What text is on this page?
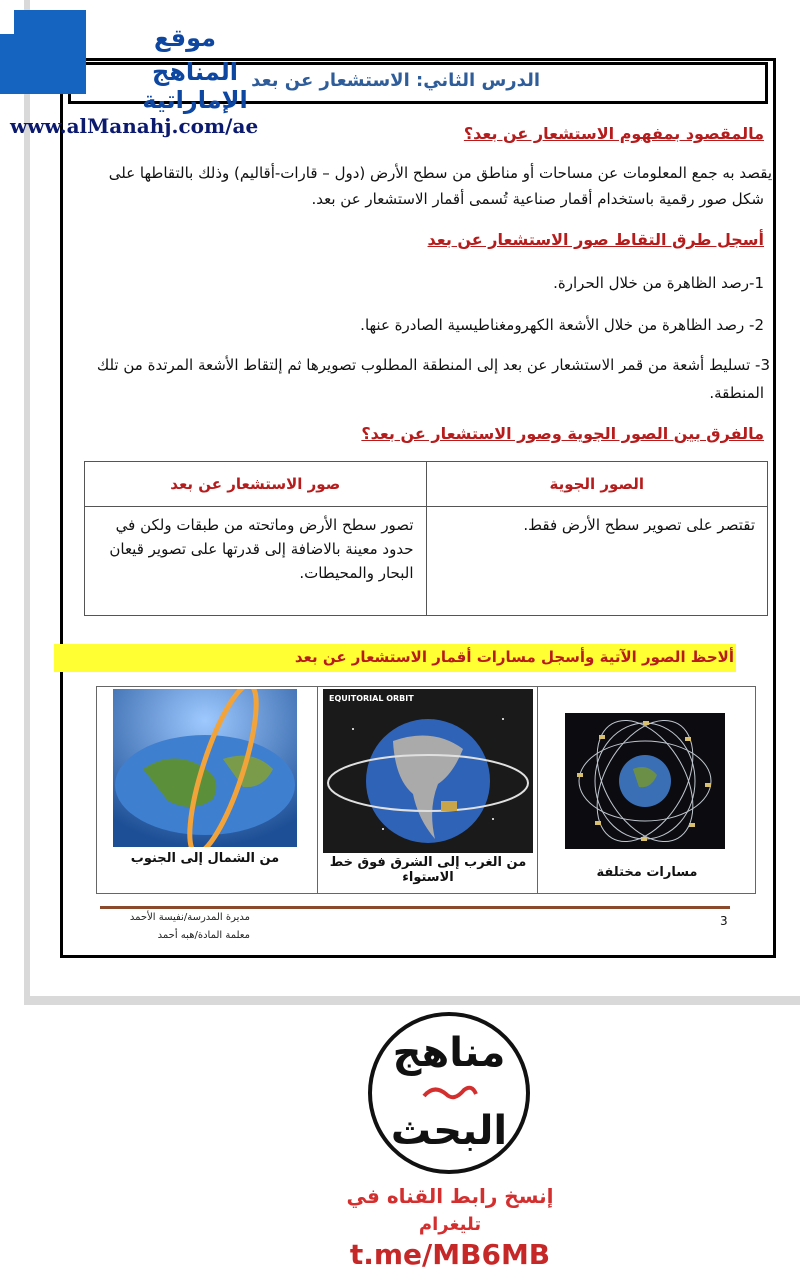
الدرس الثاني: الاستشعار عن بعد
موقع
المناهج الإماراتية
www.alManahj.com/ae	مالمقصود بمفهوم الاستشعار عن بعد؟
يقصد به جمع المعلومات عن مساحات أو مناطق من سطح الأرض (دول – قارات-أقاليم) وذلك بالتقاطها على
شكل صور رقمية باستخدام أقمار صناعية تُسمى أقمار الاستشعار عن بعد.
أسجل طرق التقاط صور الاستشعار عن بعد
1-رصد الظاهرة من خلال الحرارة.
2- رصد الظاهرة من خلال الأشعة الكهرومغناطيسية الصادرة عنها.
3- تسليط أشعة من قمر الاستشعار عن بعد إلى المنطقة المطلوب تصويرها ثم إلتقاط الأشعة المرتدة من تلك
المنطقة.
مالفرق بين الصور الجوية وصور الاستشعار عن بعد؟
الصور الجوية	صور الاستشعار عن بعد
تقتصر على تصوير سطح الأرض فقط.	تصور سطح الأرض وماتحته من طبقات ولكن في حدود معينة بالاضافة إلى قدرتها على تصوير قيعان البحار والمحيطات.
ألاحظ الصور الآتية وأسجل مسارات أقمار الاستشعار عن بعد
من الشمال إلى الجنوب
EQUITORIAL ORBIT
من الغرب إلى الشرق فوق خط الاستواء	مسارات مختلفة
3
مديرة المدرسة/نفيسة الأحمد
معلمة المادة/هبه أحمد
مناهج
البحث
إنسخ رابط القناه في
تليغرام
t.me/MB6MB
